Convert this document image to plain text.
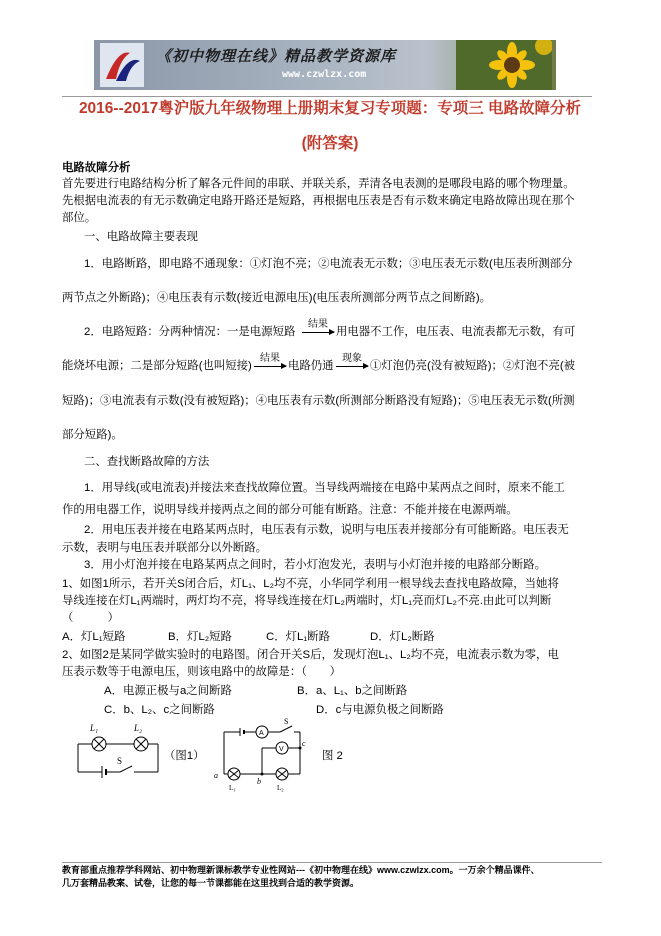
《初中物理在线》精品教学资源库
www.czwlzx.com
2016--2017粤沪版九年级物理上册期末复习专项题：专项三 电路故障分析
(附答案)
电路故障分析
首先要进行电路结构分析了解各元件间的串联、并联关系，弄清各电表测的是哪段电路的哪个物理量。
先根据电流表的有无示数确定电路开路还是短路，再根据电压表是否有示数来确定电路故障出现在那个
部位。
一、电路故障主要表现
1．电路断路，即电路不通现象：①灯泡不亮；②电流表无示数；③电压表无示数(电压表所测部分
两节点之外断路)；④电压表有示数(接近电源电压)(电压表所测部分两节点之间断路)。
2．电路短路：分两种情况：一是电源短路
结果
用电器不工作，电压表、电流表都无示数，有可
能烧坏电源；二是部分短路(也叫短接)
结果
电路仍通
现象
①灯泡仍亮(没有被短路)；②灯泡不亮(被
短路)；③电流表有示数(没有被短路)；④电压表有示数(所测部分断路没有短路)；⑤电压表无示数(所测
部分短路)。
二、查找断路故障的方法
1．用导线(或电流表)并接法来查找故障位置。当导线两端接在电路中某两点之间时，原来不能工
作的用电器工作，说明导线并接两点之间的部分可能有断路。注意：不能并接在电源两端。
2．用电压表并接在电路某两点时，电压表有示数，说明与电压表并接部分有可能断路。电压表无
示数，表明与电压表并联部分以外断路。
3．用小灯泡并接在电路某两点之间时，若小灯泡发光，表明与小灯泡并接的电路部分断路。
1、如图1所示，若开关S闭合后，灯L₁、L₂均不亮，小华同学利用一根导线去查找电路故障，当她将
导线连接在灯L₁两端时，两灯均不亮，将导线连接在灯L₂两端时，灯L₁亮而灯L₂不亮.由此可以判断
（　　　）
A．灯L₁短路	B．灯L₂短路	C．灯L₁断路	D．灯L₂断路
2、如图2是某同学做实验时的电路图。闭合开关S后，发现灯泡L₁、L₂均不亮，电流表示数为零，电
压表示数等于电源电压，则该电路中的故障是：（　　）
A．电源正极与a之间断路	B．a、L₁、b之间断路
C．b、L₂、c之间断路	D．c与电源负极之间断路
L₁	L₂
S	（图1）
A
V
S
a
b
c
L₁	L₂
图 2
教育部重点推荐学科网站、初中物理新课标教学专业性网站---《初中物理在线》www.czwlzx.com。一万余个精品课件、
几万套精品教案、试卷，让您的每一节课都能在这里找到合适的教学资源。
